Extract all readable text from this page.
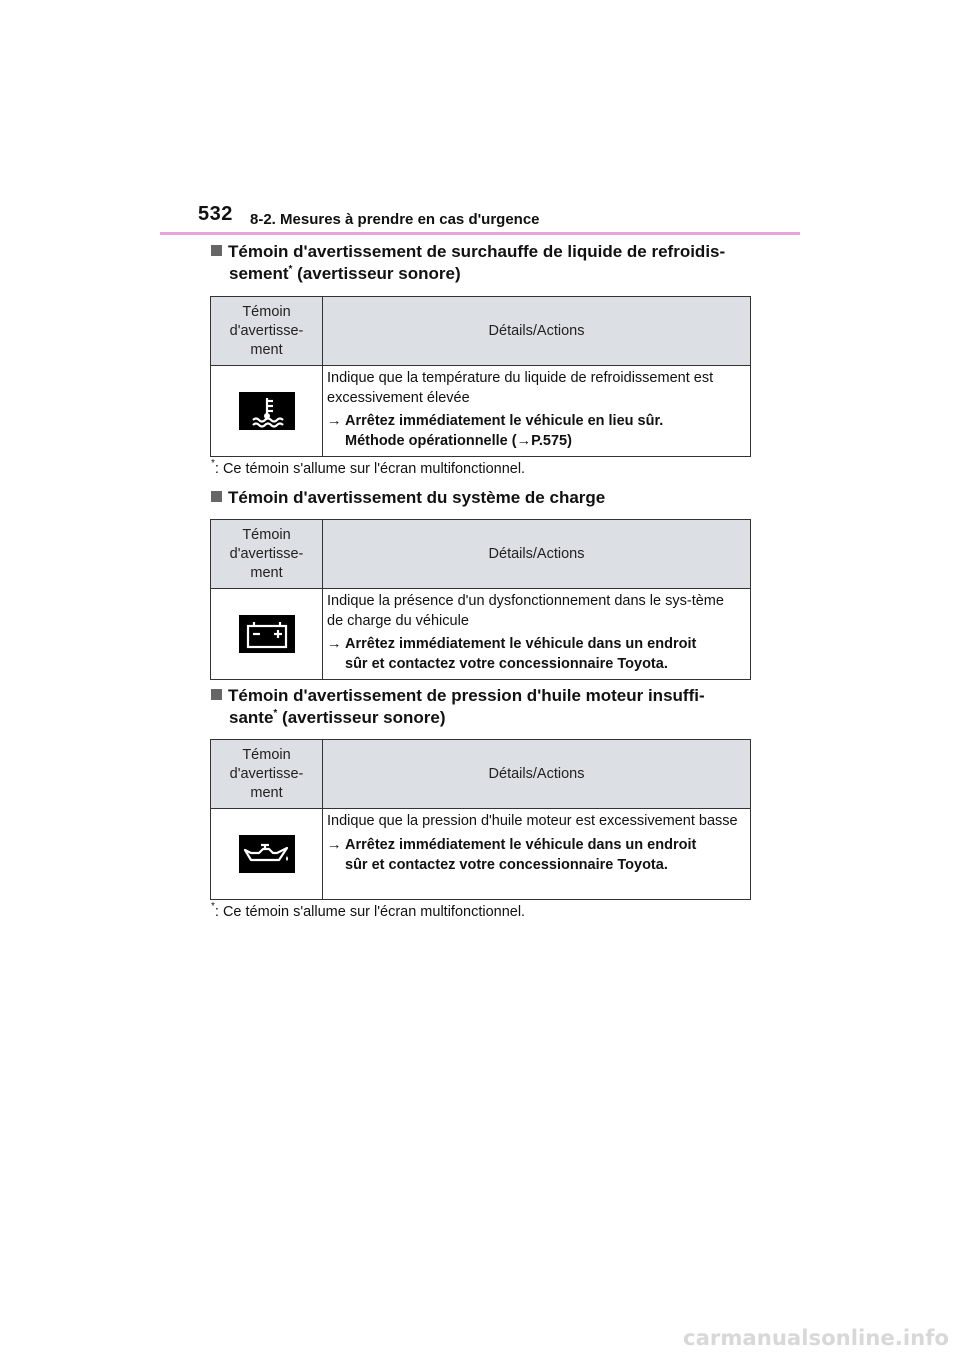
532 8-2. Mesures à prendre en cas d'urgence
Témoin d'avertissement de surchauffe de liquide de refroidis-
sement* (avertisseur sonore)
Témoin
d'avertisse-
ment	Détails/Actions

Indique que la température du liquide de refroidissement est excessivement élevée
→ Arrêtez immédiatement le véhicule en lieu sûr.
Méthode opérationnelle (→P.575)
*: Ce témoin s'allume sur l'écran multifonctionnel.
Témoin d'avertissement du système de charge
Témoin
d'avertisse-
ment	Détails/Actions

Indique la présence d'un dysfonctionnement dans le sys-tème de charge du véhicule
→ Arrêtez immédiatement le véhicule dans un endroit
sûr et contactez votre concessionnaire Toyota.
Témoin d'avertissement de pression d'huile moteur insuffi-
sante* (avertisseur sonore)
Témoin
d'avertisse-
ment	Détails/Actions

Indique que la pression d'huile moteur est excessivement basse
→ Arrêtez immédiatement le véhicule dans un endroit
sûr et contactez votre concessionnaire Toyota.
*: Ce témoin s'allume sur l'écran multifonctionnel.
carmanualsonline.info
